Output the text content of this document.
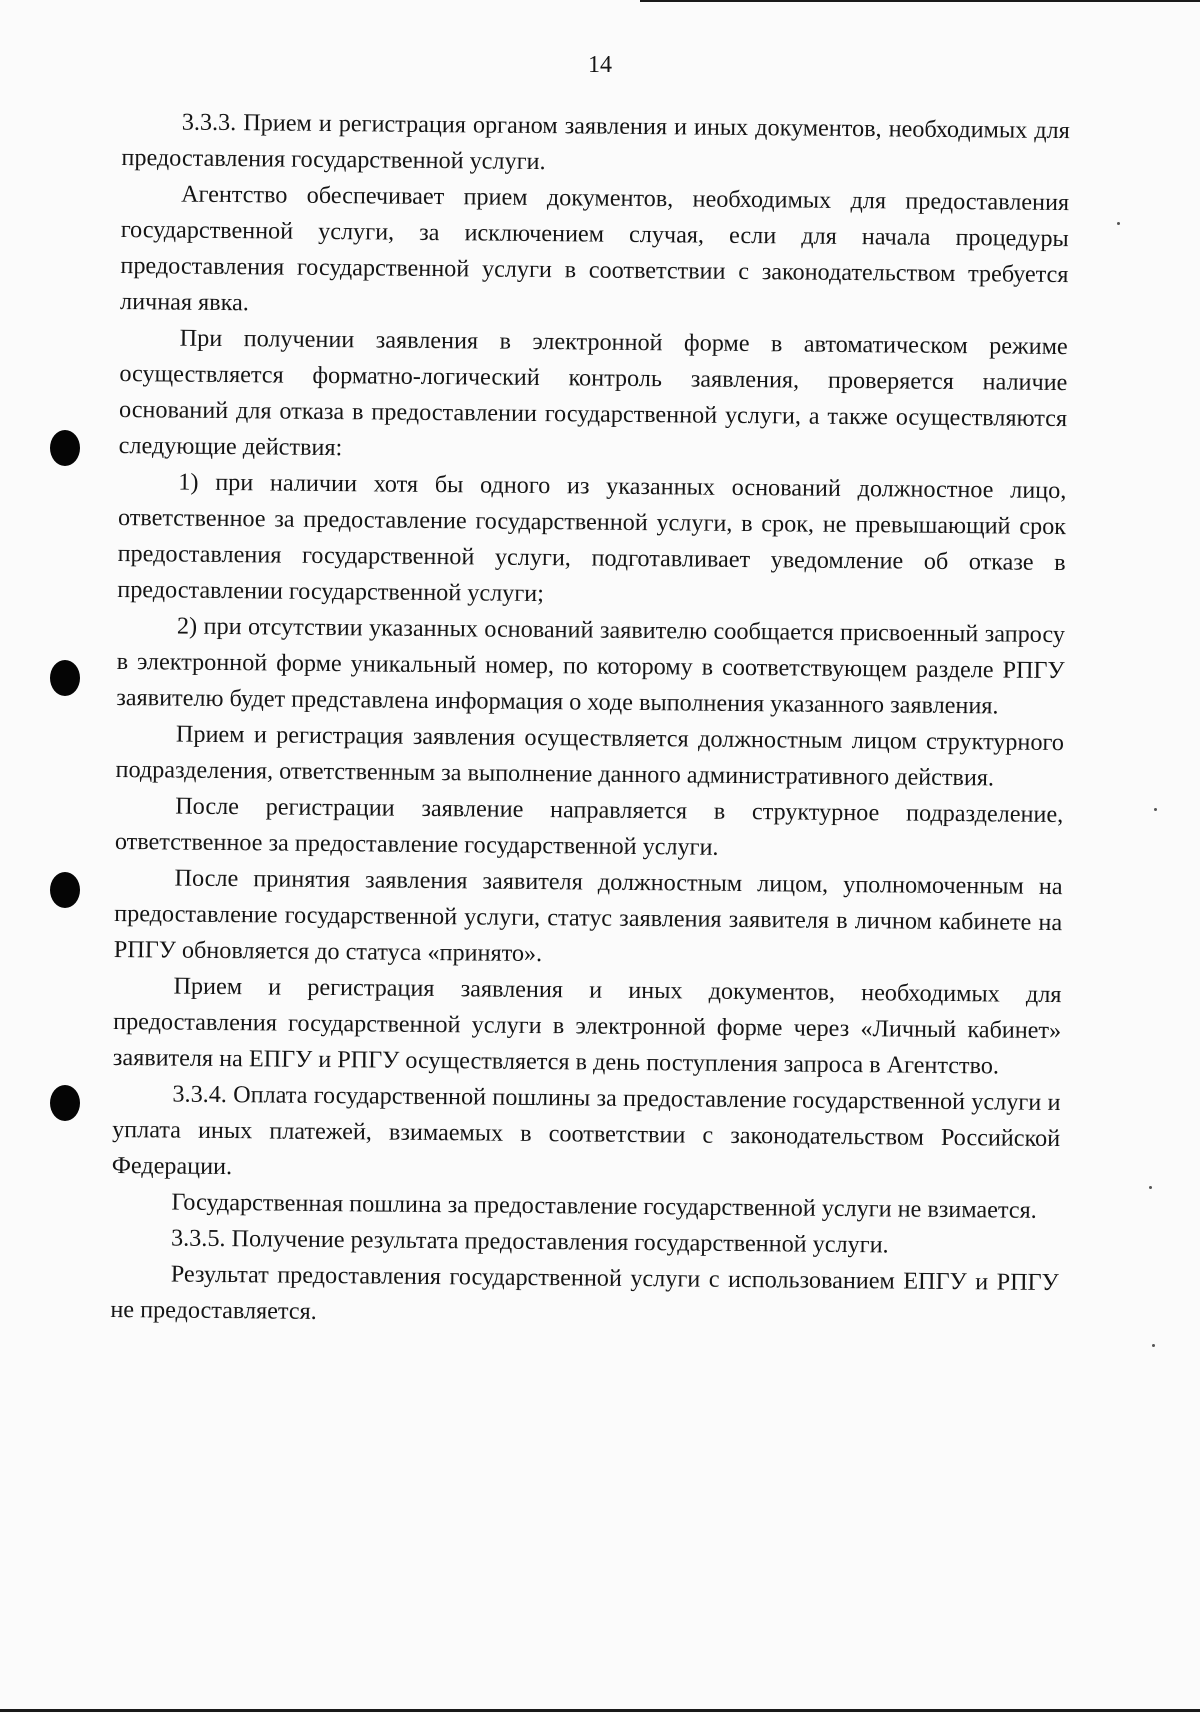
14

3.3.3. Прием и регистрация органом заявления и иных документов, необходимых для предоставления государственной услуги.

Агентство обеспечивает прием документов, необходимых для предоставления государственной услуги, за исключением случая, если для начала процедуры предоставления государственной услуги в соответствии с законодательством требуется личная явка.

При получении заявления в электронной форме в автоматическом режиме осуществляется форматно-логический контроль заявления, проверяется наличие оснований для отказа в предоставлении государственной услуги, а также осуществляются следующие действия:

1) при наличии хотя бы одного из указанных оснований должностное лицо, ответственное за предоставление государственной услуги, в срок, не превышающий срок предоставления государственной услуги, подготавливает уведомление об отказе в предоставлении государственной услуги;

2) при отсутствии указанных оснований заявителю сообщается присвоенный запросу в электронной форме уникальный номер, по которому в соответствующем разделе РПГУ заявителю будет представлена информация о ходе выполнения указанного заявления.

Прием и регистрация заявления осуществляется должностным лицом структурного подразделения, ответственным за выполнение данного административного действия.

После регистрации заявление направляется в структурное подразделение, ответственное за предоставление государственной услуги.

После принятия заявления заявителя должностным лицом, уполномоченным на предоставление государственной услуги, статус заявления заявителя в личном кабинете на РПГУ обновляется до статуса «принято».

Прием и регистрация заявления и иных документов, необходимых для предоставления государственной услуги в электронной форме через «Личный кабинет» заявителя на ЕПГУ и РПГУ осуществляется в день поступления запроса в Агентство.

3.3.4. Оплата государственной пошлины за предоставление государственной услуги и уплата иных платежей, взимаемых в соответствии с законодательством Российской Федерации.

Государственная пошлина за предоставление государственной услуги не взимается.

3.3.5. Получение результата предоставления государственной услуги.

Результат предоставления государственной услуги с использованием ЕПГУ и РПГУ не предоставляется.
